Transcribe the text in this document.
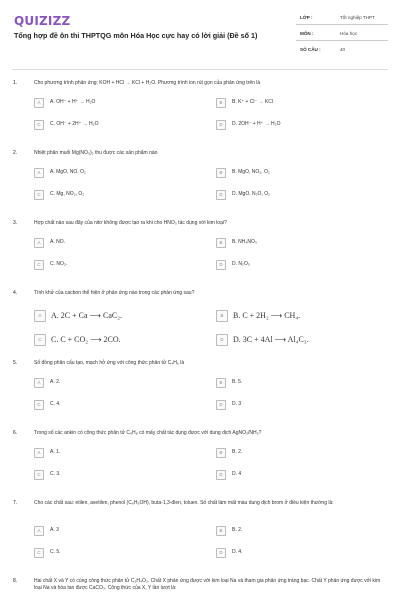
QUIZIZZ
Tổng hợp đề ôn thi THPTQG môn Hóa Học cực hay có lời giải (Đề số 1)
LỚP :	Tốt nghiệp THPT
MÔN :	Hóa học
SỐ CÂU :	40
1.	Cho phương trình phản ứng: KOH + HCl → KCl + H₂O. Phương trình ion rút gọn của phản ứng trên là
A	A. OH⁻ + H⁺ → H₂O	B	B. K⁺ + Cl⁻ → KCl
C	C. OH⁻ + 2H⁺ → H₂O	D	D. 2OH⁻ + H⁺ → H₂O
2.	Nhiệt phân muối Mg(NO₃)₂ thu được các sản phẩm nào
A	A. MgO, NO, O₂	B	B. MgO, NO₂, O₂
C	C. Mg, NO₂, O₂	D	D. MgO, N₂O, O₂
3.	Hợp chất nào sau đây của nitơ không được tạo ra khi cho HNO₃ tác dụng với kim loại?
A	A. NO.	B	B. NH₄NO₃
C	C. NO₂.	D	D. N₂O₅
4.	Tính khử của cacbon thể hiện ở phản ứng nào trong các phản ứng sau?
A	A. 2C + Ca ⟶ CaC₂.	B	B. C + 2H₂ ⟶ CH₄.
C	C. C + CO₂ ⟶ 2CO.	D	D. 3C + 4Al ⟶ Al₄C₃.
5.	Số đồng phân cấu tạo, mạch hở ứng với công thức phân tử C₄H₆ là
A	A. 2.	B	B. 5.
C	C. 4.	D	D. 3
6.	Trong số các ankin có công thức phân tử C₅H₈ có mấy chất tác dụng được với dung dịch AgNO₃/NH₃?
A	A. 1.	B	B. 2.
C	C. 3.	D	D. 4
7.	Cho các chất sau: etilen, axetilen, phenol (C₆H₅OH), buta-1,3-đien, toluen. Số chất làm mất màu dung dịch brom ở điều kiện thường là:
A	A. 3	B	B. 2.
C	C. 5.	D	D. 4.
8.	Hai chất X và Y có cùng công thức phân tử C₂H₄O₂. Chất X phản ứng được với kim loại Na và tham gia phản ứng tráng bạc. Chất Y phản ứng được với kim loại Na và hòa tan được CaCO₃. Công thức của X, Y lần lượt là:
